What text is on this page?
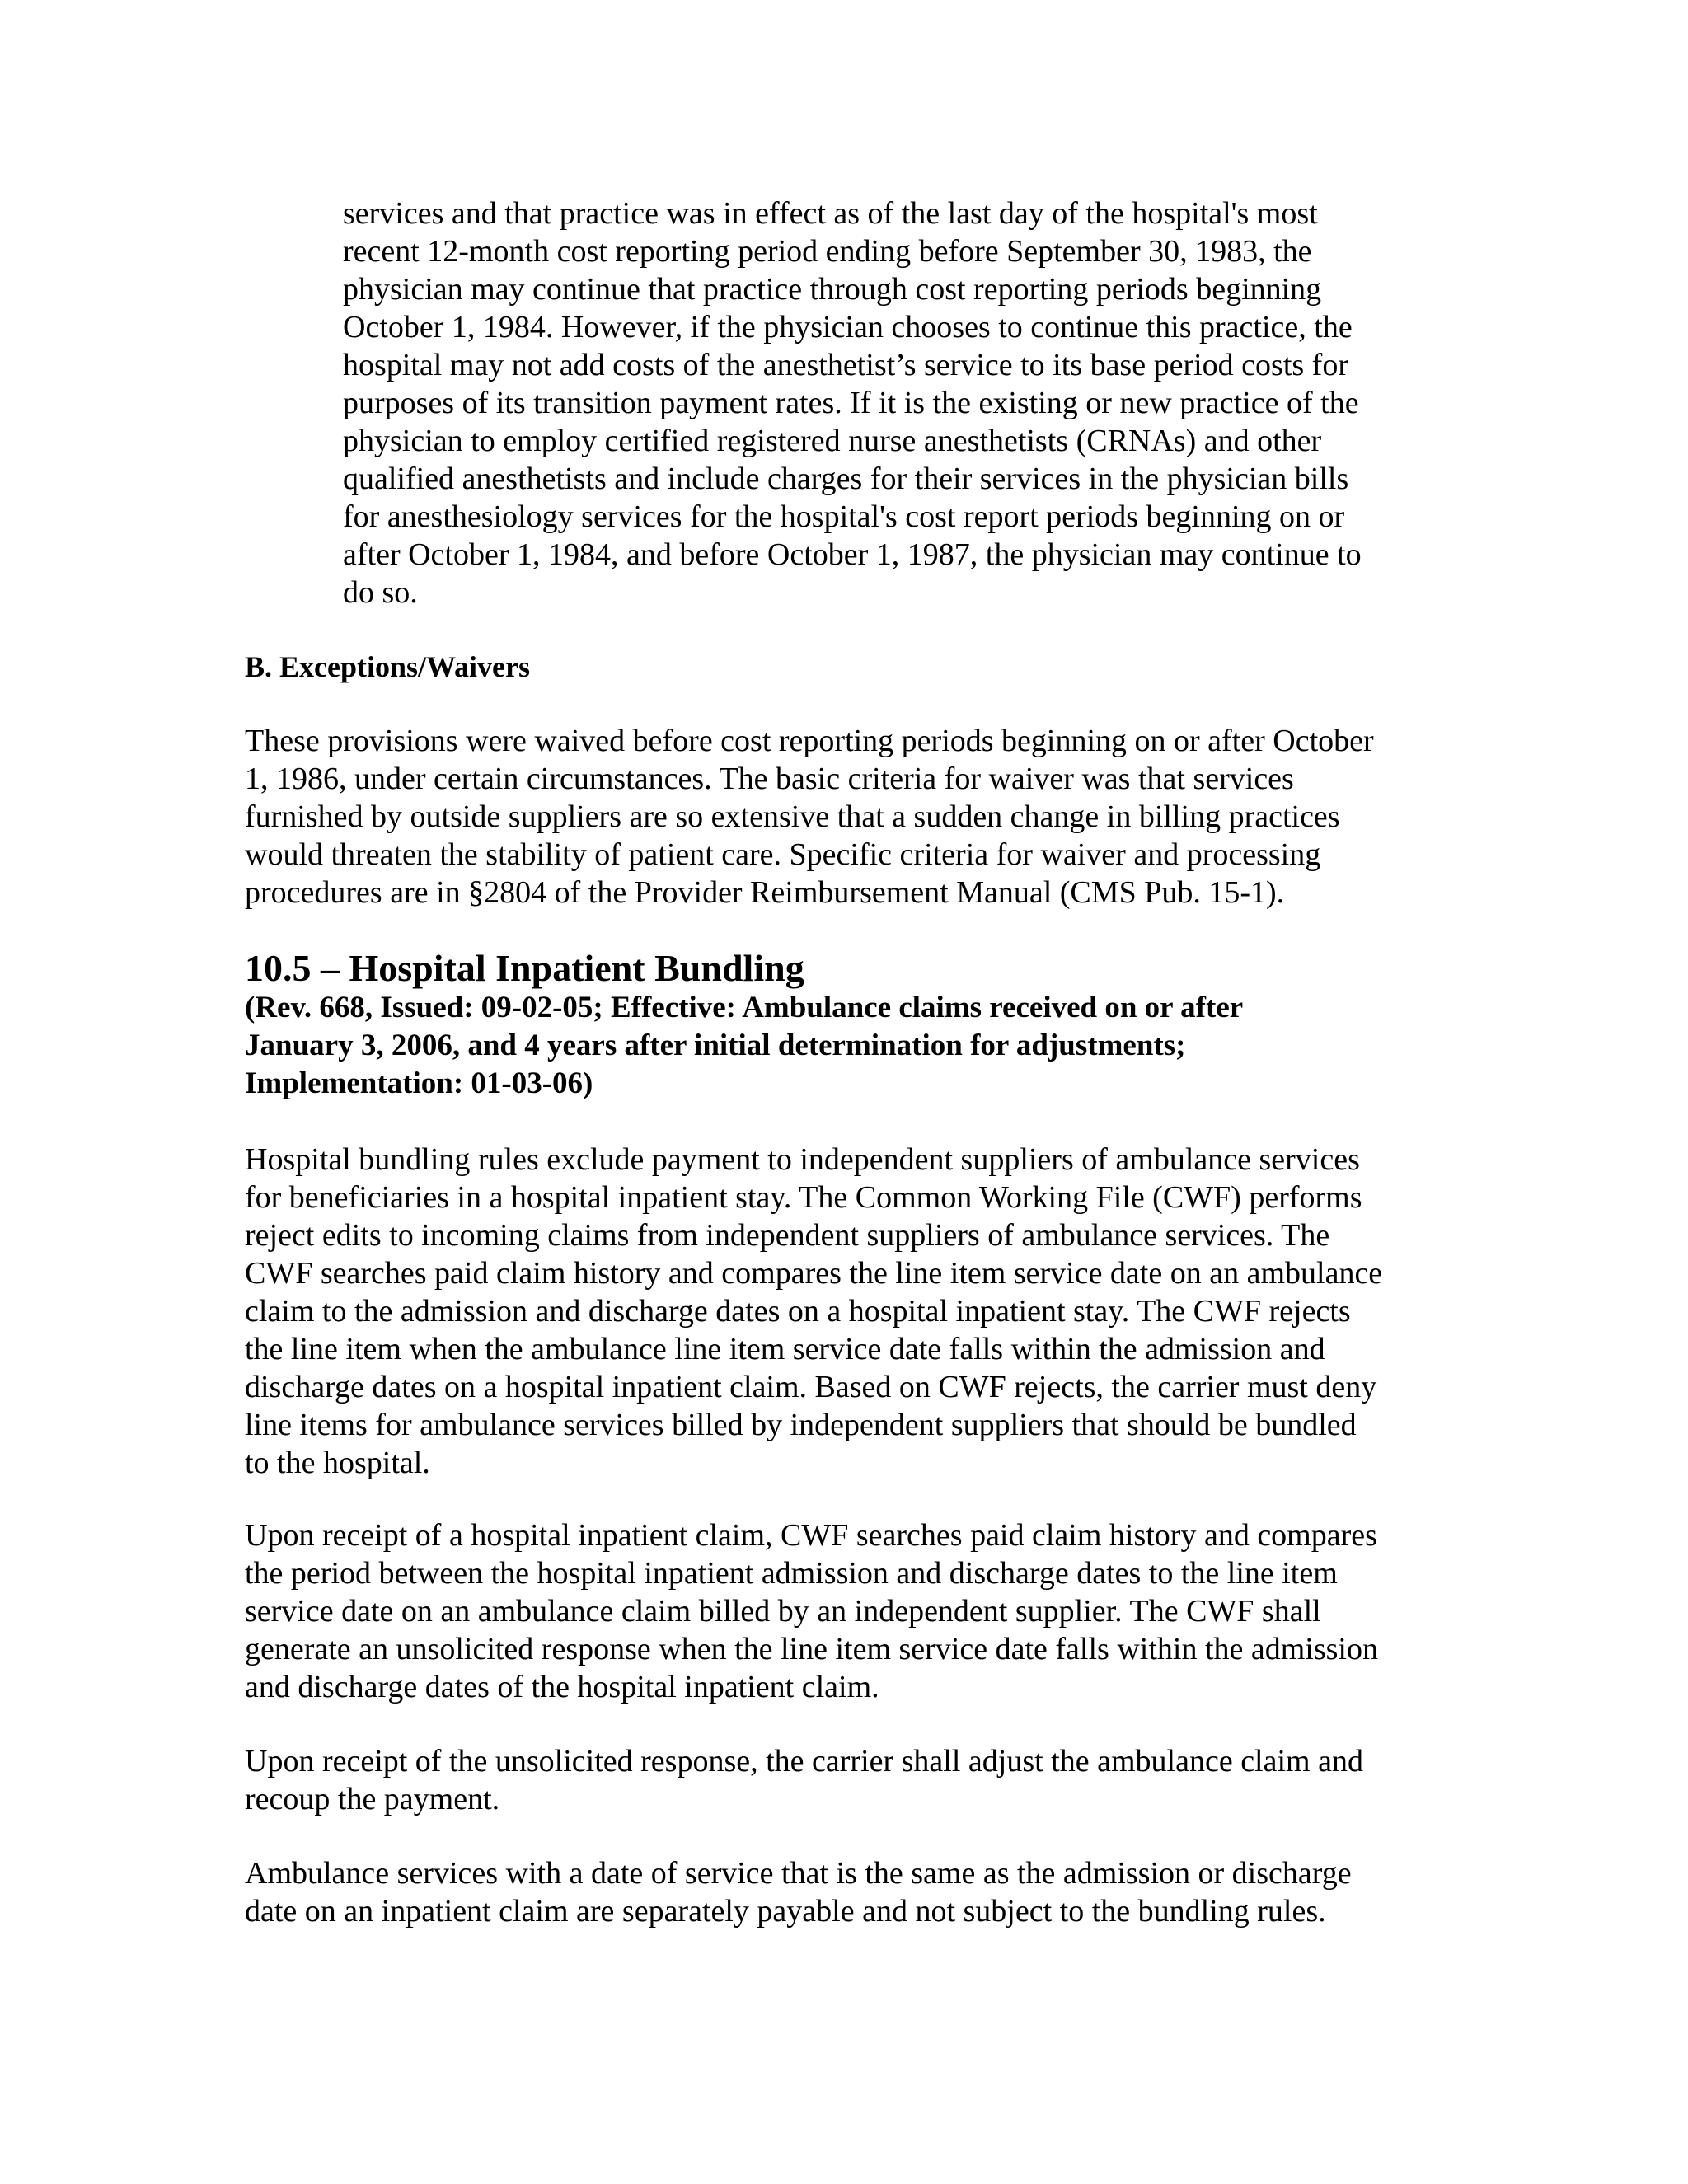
services and that practice was in effect as of the last day of the hospital's most
recent 12-month cost reporting period ending before September 30, 1983, the
physician may continue that practice through cost reporting periods beginning
October 1, 1984. However, if the physician chooses to continue this practice, the
hospital may not add costs of the anesthetist’s service to its base period costs for
purposes of its transition payment rates. If it is the existing or new practice of the
physician to employ certified registered nurse anesthetists (CRNAs) and other
qualified anesthetists and include charges for their services in the physician bills
for anesthesiology services for the hospital's cost report periods beginning on or
after October 1, 1984, and before October 1, 1987, the physician may continue to
do so.
B. Exceptions/Waivers
These provisions were waived before cost reporting periods beginning on or after October
1, 1986, under certain circumstances. The basic criteria for waiver was that services
furnished by outside suppliers are so extensive that a sudden change in billing practices
would threaten the stability of patient care. Specific criteria for waiver and processing
procedures are in §2804 of the Provider Reimbursement Manual (CMS Pub. 15-1).
10.5 – Hospital Inpatient Bundling
(Rev. 668, Issued: 09-02-05; Effective: Ambulance claims received on or after
January 3, 2006, and 4 years after initial determination for adjustments;
Implementation: 01-03-06)
Hospital bundling rules exclude payment to independent suppliers of ambulance services
for beneficiaries in a hospital inpatient stay. The Common Working File (CWF) performs
reject edits to incoming claims from independent suppliers of ambulance services. The
CWF searches paid claim history and compares the line item service date on an ambulance
claim to the admission and discharge dates on a hospital inpatient stay. The CWF rejects
the line item when the ambulance line item service date falls within the admission and
discharge dates on a hospital inpatient claim. Based on CWF rejects, the carrier must deny
line items for ambulance services billed by independent suppliers that should be bundled
to the hospital.
Upon receipt of a hospital inpatient claim, CWF searches paid claim history and compares
the period between the hospital inpatient admission and discharge dates to the line item
service date on an ambulance claim billed by an independent supplier. The CWF shall
generate an unsolicited response when the line item service date falls within the admission
and discharge dates of the hospital inpatient claim.
Upon receipt of the unsolicited response, the carrier shall adjust the ambulance claim and
recoup the payment.
Ambulance services with a date of service that is the same as the admission or discharge
date on an inpatient claim are separately payable and not subject to the bundling rules.
